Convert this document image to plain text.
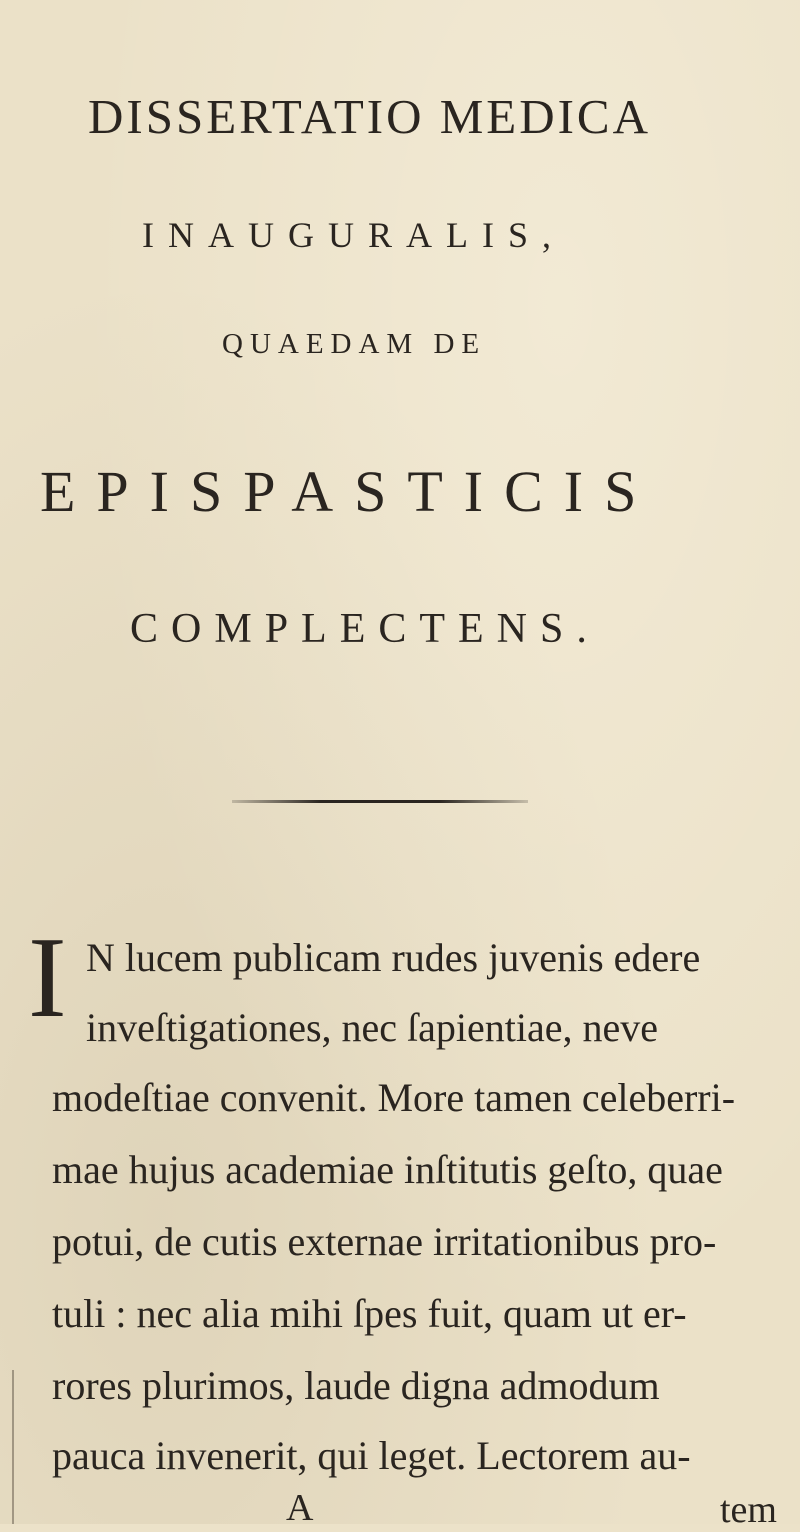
DISSERTATIO MEDICA
INAUGURALIS,
QUAEDAM DE
EPISPASTICIS
COMPLECTENS.
I N lucem publicam rudes juvenis edere
inveſtigationes, nec ſapientiae, neve
modeſtiae convenit. More tamen celeberri-
mae hujus academiae inſtitutis geſto, quae
potui, de cutis externae irritationibus pro-
tuli : nec alia mihi ſpes fuit, quam ut er-
rores plurimos, laude digna admodum
pauca invenerit, qui leget. Lectorem au-
A	tem
